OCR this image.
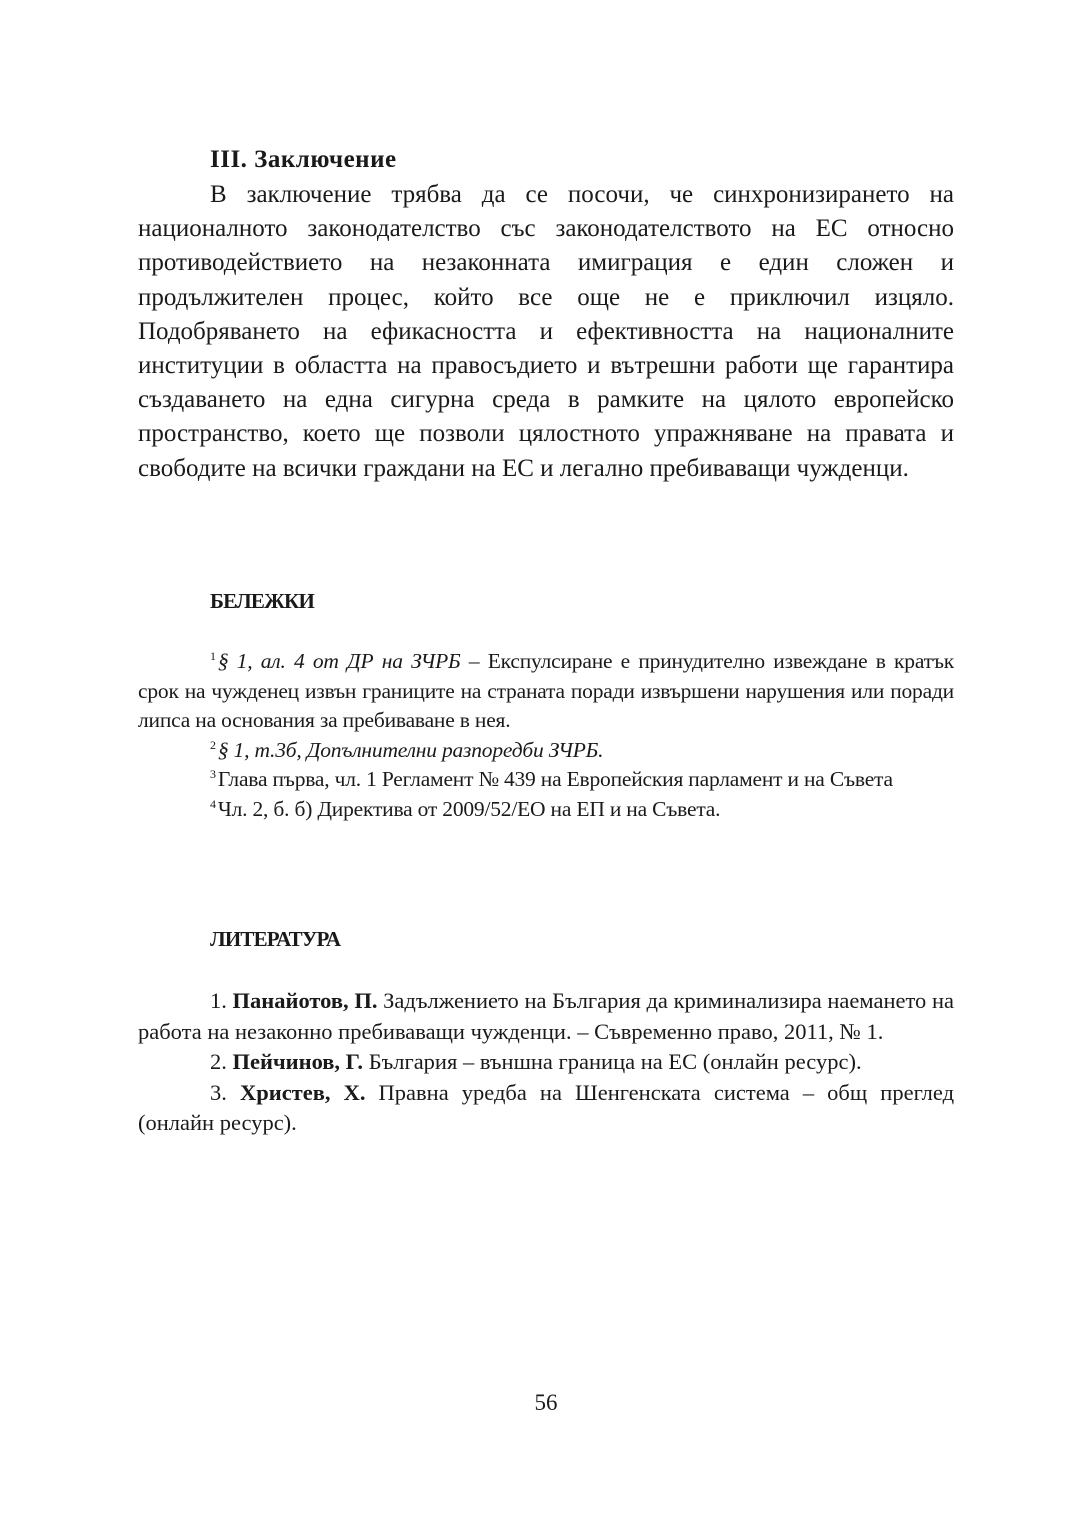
III. Заключение

В заключение трябва да се посочи, че синхронизирането на националното законодателство със законодателството на ЕС относно противодействието на незаконната имиграция е един сложен и продължителен процес, който все още не е приключил изцяло. Подобряването на ефикасността и ефективността на националните институции в областта на правосъдието и вътрешни работи ще гарантира създаването на една сигурна среда в рамките на цялото европейско пространство, което ще позволи цялостното упражняване на правата и свободите на всички граждани на ЕС и легално пребиваващи чужденци.

БЕЛЕЖКИ

$^1$§ 1, ал. 4 от ДР на ЗЧРБ – Експулсиране е принудително извеждане в кратък срок на чужденец извън границите на страната поради извършени нарушения или поради липса на основания за пребиваване в нея.

$^2$§ 1, т.3б, Допълнителни разпоредби ЗЧРБ.

$^3$Глава първа, чл. 1 Регламент № 439 на Европейския парламент и на Съвета

$^4$Чл. 2, б. б) Директива от 2009/52/ЕО на ЕП и на Съвета.

ЛИТЕРАТУРА

1. Панайотов, П. Задължението на България да криминализира наемането на работа на незаконно пребиваващи чужденци. – Съвременно право, 2011, № 1.

2. Пейчинов, Г. България – външна граница на ЕС (онлайн ресурс).

3. Христев, Х. Правна уредба на Шенгенската система – общ преглед (онлайн ресурс).

56
